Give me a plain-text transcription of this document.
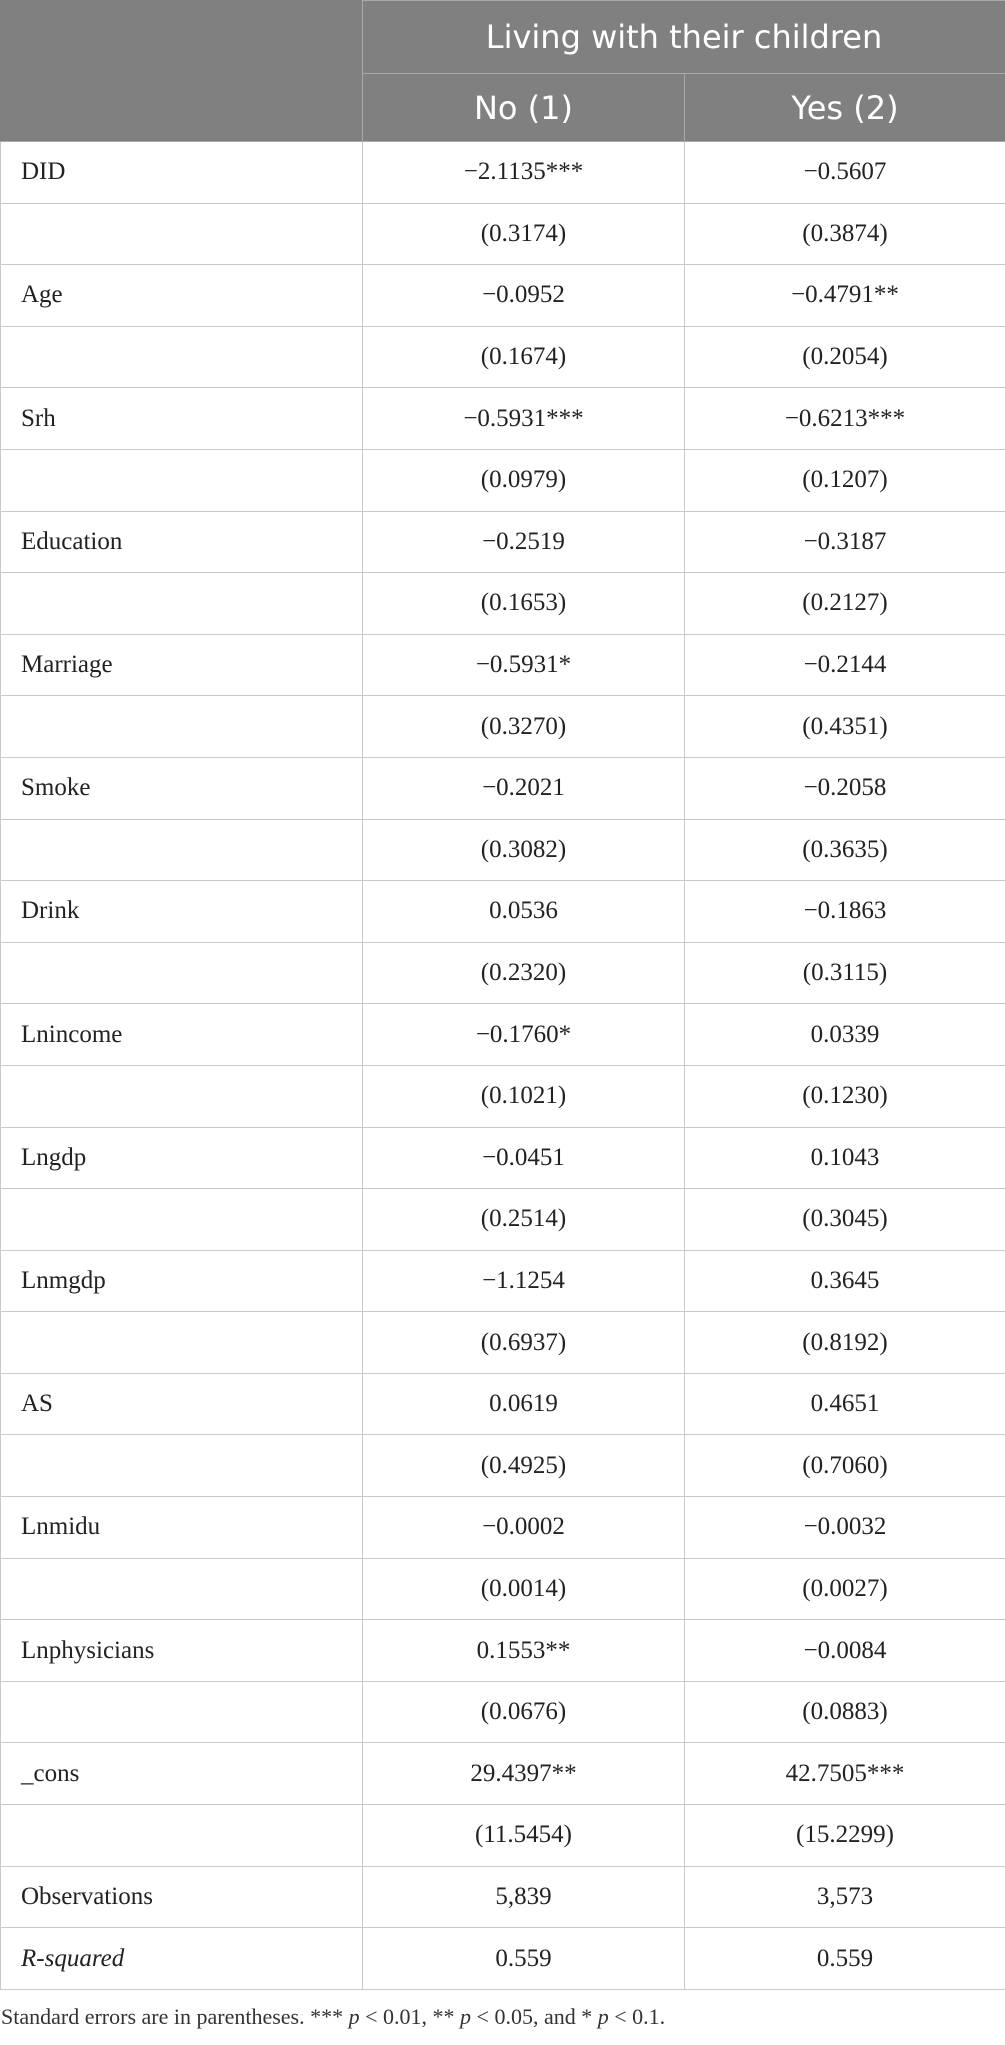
	Living with their children	
	No (1)	Yes (2)
DID	−2.1135***	−0.5607
	(0.3174)	(0.3874)
Age	−0.0952	−0.4791**
	(0.1674)	(0.2054)
Srh	−0.5931***	−0.6213***
	(0.0979)	(0.1207)
Education	−0.2519	−0.3187
	(0.1653)	(0.2127)
Marriage	−0.5931*	−0.2144
	(0.3270)	(0.4351)
Smoke	−0.2021	−0.2058
	(0.3082)	(0.3635)
Drink	0.0536	−0.1863
	(0.2320)	(0.3115)
Lnincome	−0.1760*	0.0339
	(0.1021)	(0.1230)
Lngdp	−0.0451	0.1043
	(0.2514)	(0.3045)
Lnmgdp	−1.1254	0.3645
	(0.6937)	(0.8192)
AS	0.0619	0.4651
	(0.4925)	(0.7060)
Lnmidu	−0.0002	−0.0032
	(0.0014)	(0.0027)
Lnphysicians	0.1553**	−0.0084
	(0.0676)	(0.0883)
_cons	29.4397**	42.7505***
	(11.5454)	(15.2299)
Observations	5,839	3,573
R-squared	0.559	0.559

Standard errors are in parentheses. *** p < 0.01, ** p < 0.05, and * p < 0.1.
